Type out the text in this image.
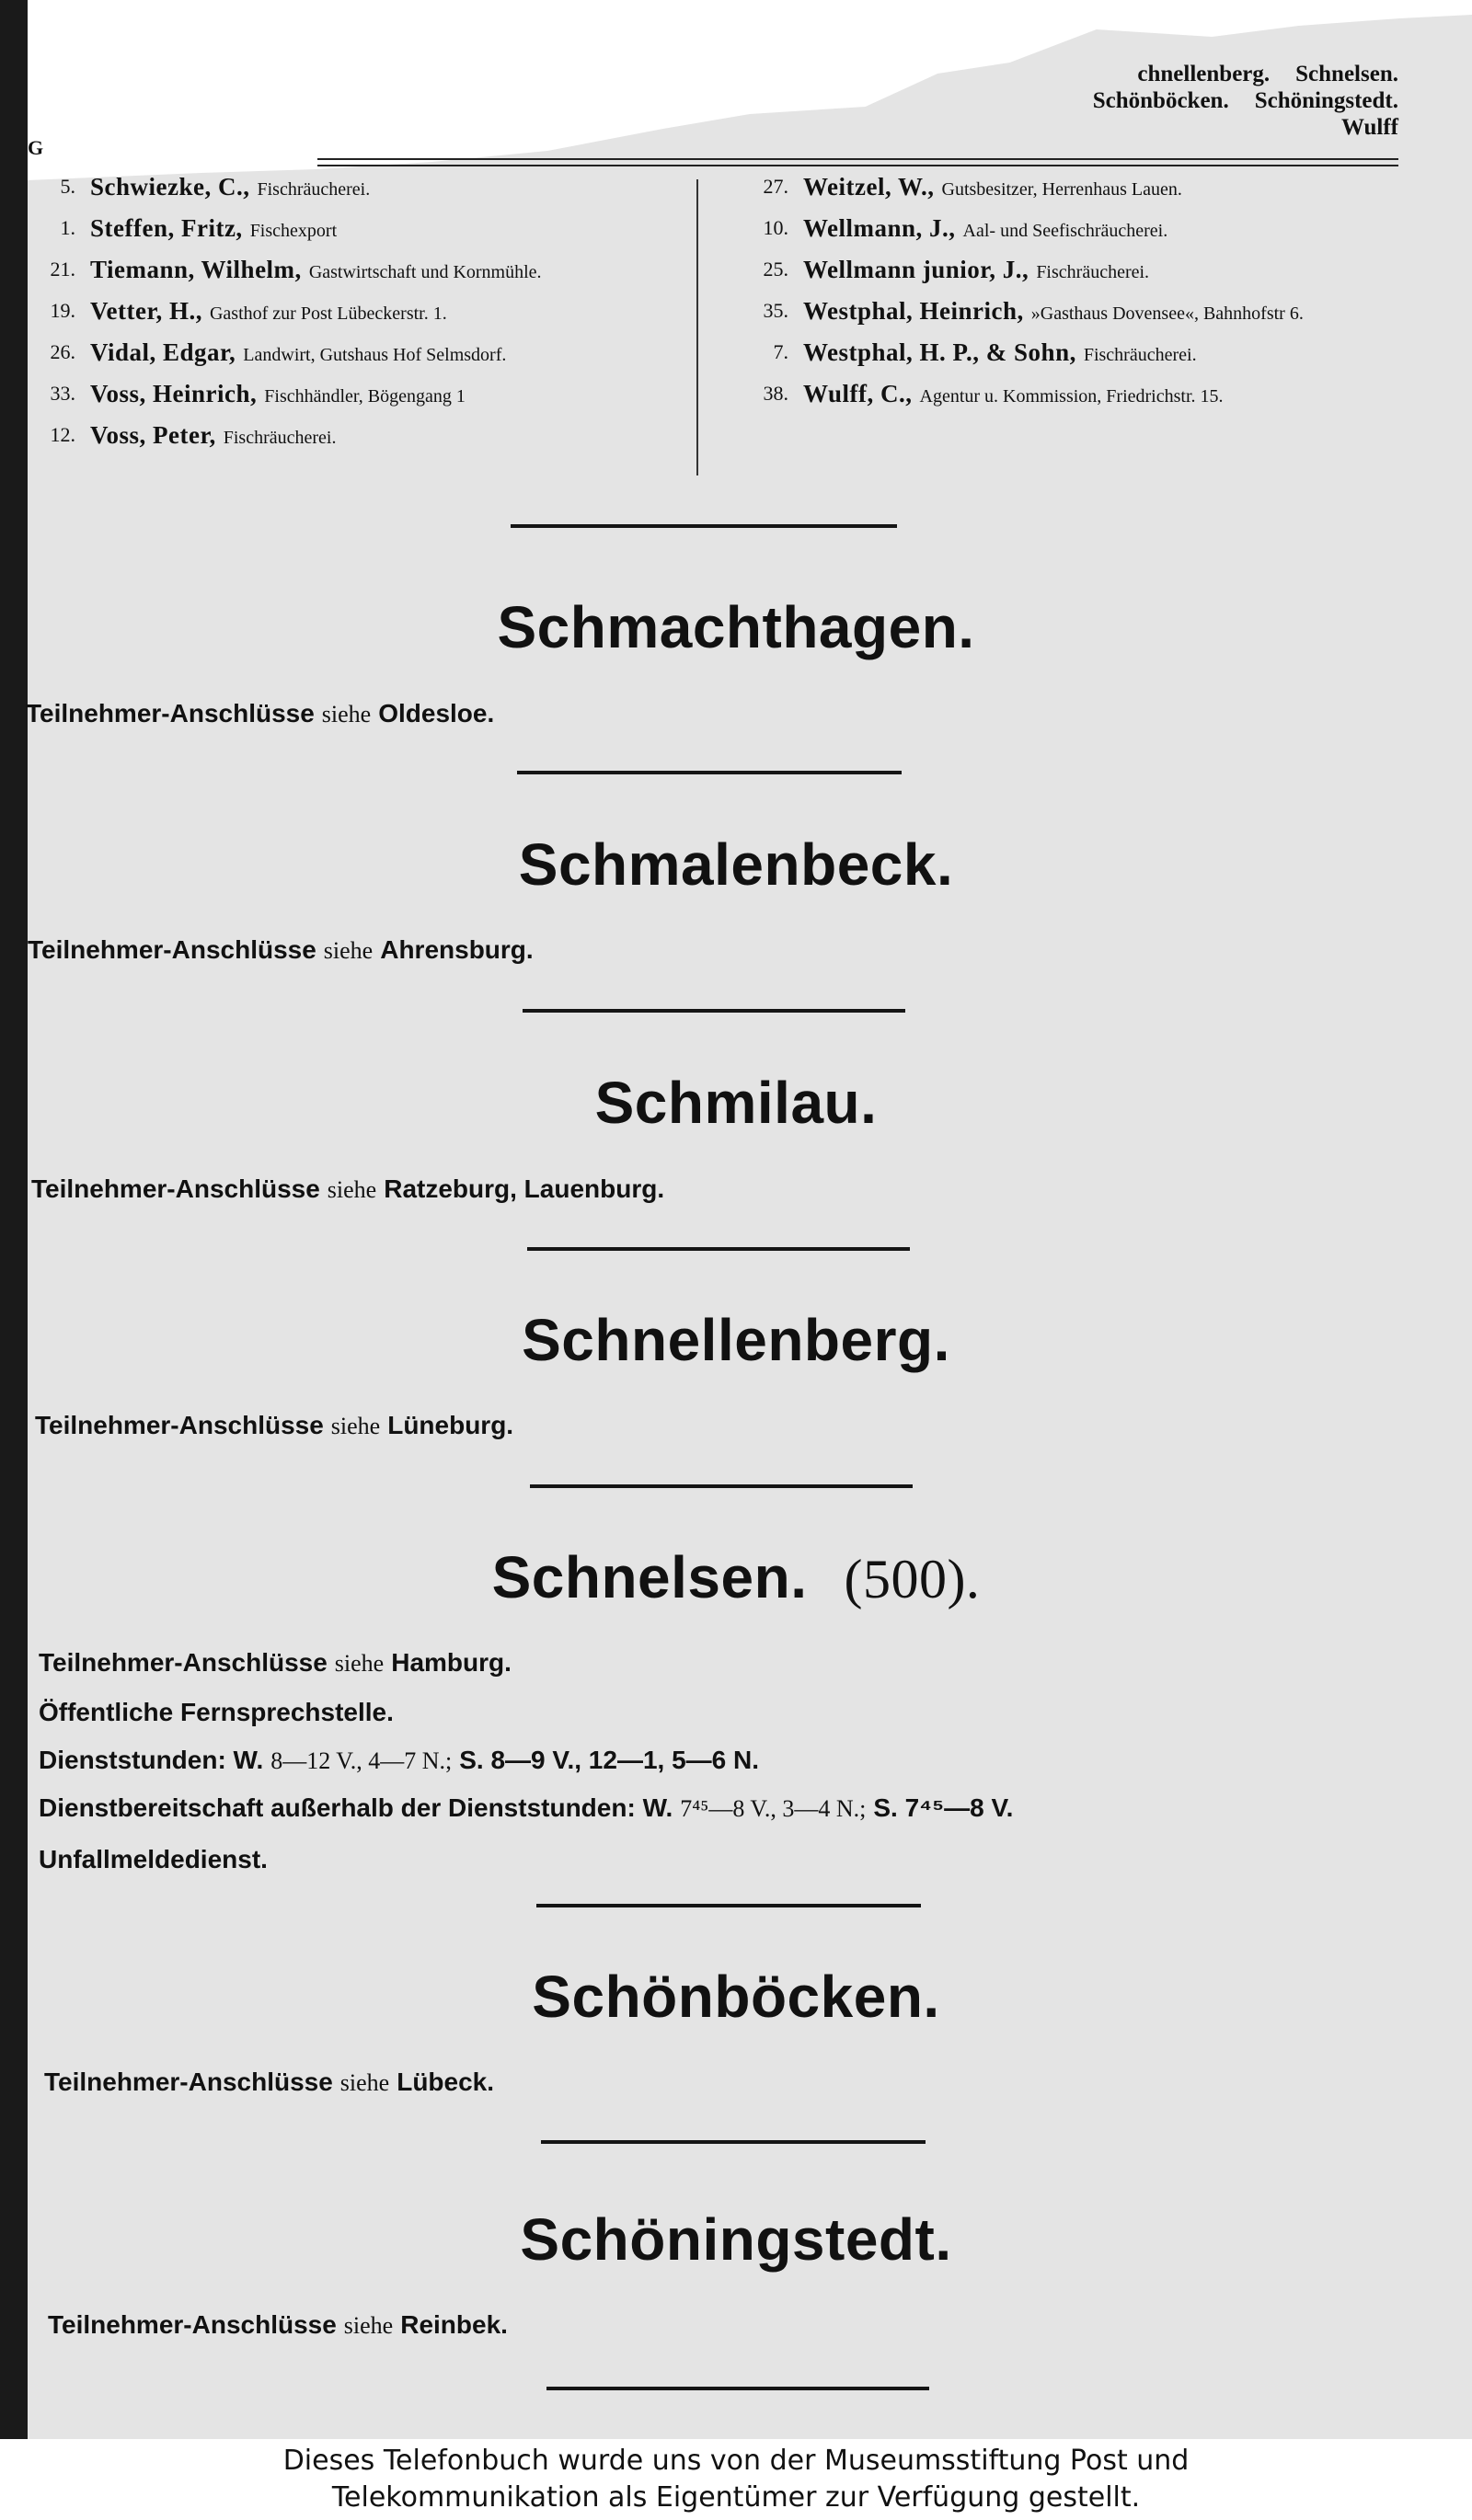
chnellenberg. Schnelsen.
Schönböcken. Schöningstedt.
Wulff
G
5. Schwiezke, C., Fischräucherei.
1. Steffen, Fritz, Fischexport
21. Tiemann, Wilhelm, Gastwirtschaft und Kornmühle.
19. Vetter, H., Gasthof zur Post Lübeckerstr. 1.
26. Vidal, Edgar, Landwirt, Gutshaus Hof Selmsdorf.
33. Voss, Heinrich, Fischhändler, Bögengang 1
12. Voss, Peter, Fischräucherei.
27. Weitzel, W., Gutsbesitzer, Herrenhaus Lauen.
10. Wellmann, J., Aal- und Seefischräucherei.
25. Wellmann junior, J., Fischräucherei.
35. Westphal, Heinrich, »Gasthaus Dovensee«, Bahnhofstr 6.
7. Westphal, H. P., & Sohn, Fischräucherei.
38. Wulff, C., Agentur u. Kommission, Friedrichstr. 15.
Schmachthagen.
Teilnehmer-Anschlüsse siehe Oldesloe.
Schmalenbeck.
Teilnehmer-Anschlüsse siehe Ahrensburg.
Schmilau.
Teilnehmer-Anschlüsse siehe Ratzeburg, Lauenburg.
Schnellenberg.
Teilnehmer-Anschlüsse siehe Lüneburg.
Schnelsen. (500).
Teilnehmer-Anschlüsse siehe Hamburg.
Öffentliche Fernsprechstelle.
Dienststunden: W. 8—12 V., 4—7 N.; S. 8—9 V., 12—1, 5—6 N.
Dienstbereitschaft außerhalb der Dienststunden: W. 7⁴⁵—8 V., 3—4 N.; S. 7⁴⁵—8 V.
Unfallmeldedienst.
Schönböcken.
Teilnehmer-Anschlüsse siehe Lübeck.
Schöningstedt.
Teilnehmer-Anschlüsse siehe Reinbek.
Dieses Telefonbuch wurde uns von der Museumsstiftung Post und
Telekommunikation als Eigentümer zur Verfügung gestellt.
